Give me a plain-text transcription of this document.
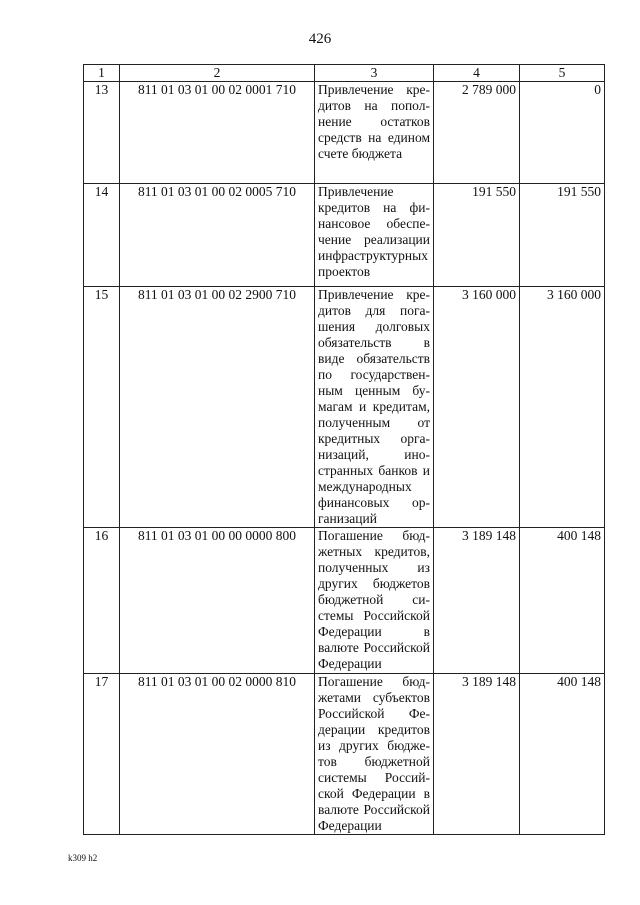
426
1	2	3	4	5
13	811 01 03 01 00 02 0001 710	Привлечение кредитов на пополнение остатков средств на едином счете бюджета	2 789 000	0
14	811 01 03 01 00 02 0005 710	Привлечение кредитов на финансовое обеспечение реализации инфраструктурных проектов	191 550	191 550
15	811 01 03 01 00 02 2900 710	Привлечение кредитов для погашения долговых обязательств в виде обязательств по государственным ценным бумагам и кредитам, полученным от кредитных организаций, иностранных банков и международных финансовых организаций	3 160 000	3 160 000
16	811 01 03 01 00 00 0000 800	Погашение бюджетных кредитов, полученных из других бюджетов бюджетной системы Российской Федерации в валюте Российской Федерации	3 189 148	400 148
17	811 01 03 01 00 02 0000 810	Погашение бюджетами субъектов Российской Федерации кредитов из других бюджетов бюджетной системы Российской Федерации в валюте Российской Федерации	3 189 148	400 148
k309 h2
